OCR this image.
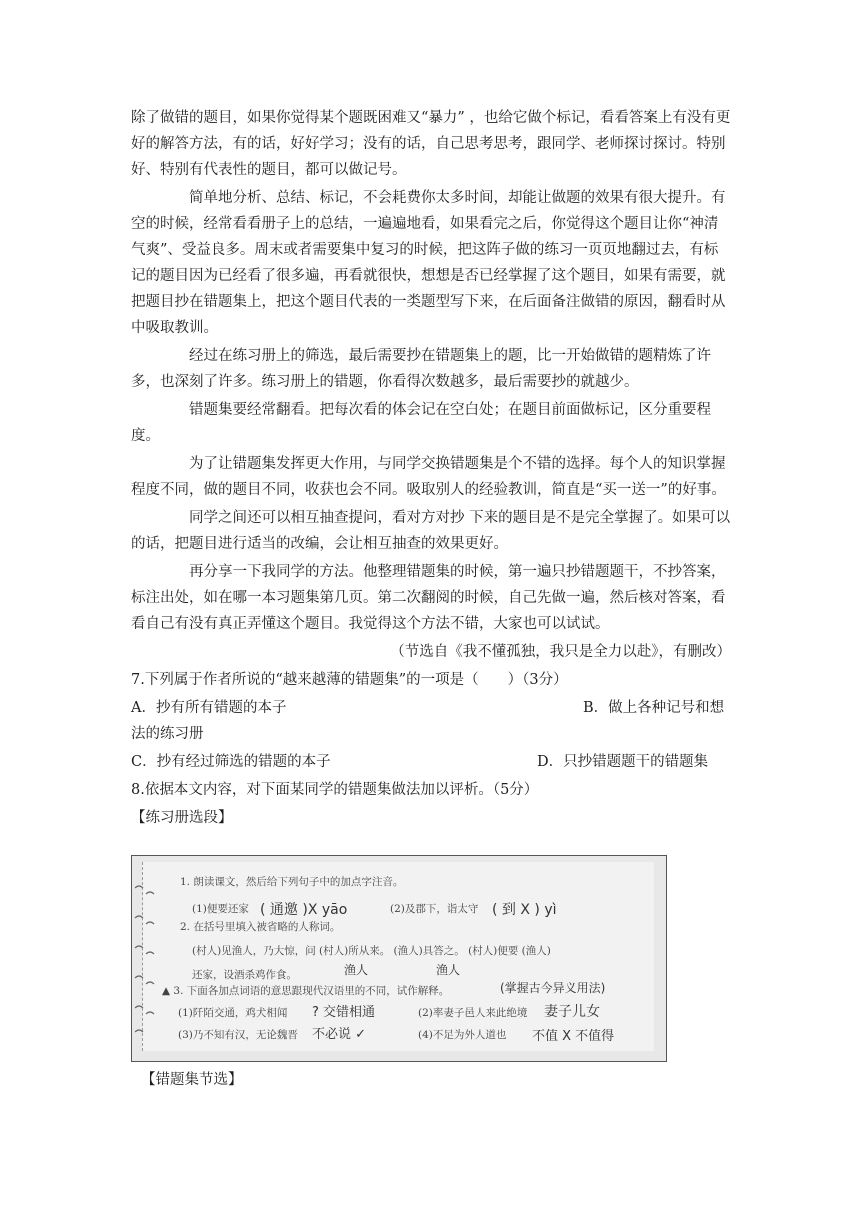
除了做错的题目，如果你觉得某个题既困难又“暴力” ，也给它做个标记，看看答案上有没有更好的解答方法，有的话，好好学习；没有的话，自己思考思考，跟同学、老师探讨探讨。特别好、特别有代表性的题目，都可以做记号。

简单地分析、总结、标记，不会耗费你太多时间，却能让做题的效果有很大提升。有空的时候，经常看看册子上的总结，一遍遍地看，如果看完之后，你觉得这个题目让你“神清气爽”、受益良多。周末或者需要集中复习的时候，把这阵子做的练习一页页地翻过去，有标记的题目因为已经看了很多遍，再看就很快，想想是否已经掌握了这个题目，如果有需要，就把题目抄在错题集上，把这个题目代表的一类题型写下来，在后面备注做错的原因，翻看时从中吸取教训。

经过在练习册上的筛选，最后需要抄在错题集上的题，比一开始做错的题精炼了许多，也深刻了许多。练习册上的错题，你看得次数越多，最后需要抄的就越少。

错题集要经常翻看。把每次看的体会记在空白处；在题目前面做标记，区分重要程度。

为了让错题集发挥更大作用，与同学交换错题集是个不错的选择。每个人的知识掌握程度不同，做的题目不同，收获也会不同。吸取别人的经验教训，简直是“买一送一”的好事。

同学之间还可以相互抽查提问，看对方对抄 下来的题目是不是完全掌握了。如果可以的话，把题目进行适当的改编，会让相互抽查的效果更好。

再分享一下我同学的方法。他整理错题集的时候，第一遍只抄错题题干，不抄答案，标注出处，如在哪一本习题集第几页。第二次翻阅的时候，自己先做一遍，然后核对答案，看看自己有没有真正弄懂这个题目。我觉得这个方法不错，大家也可以试试。

（节选自《我不懂孤独，我只是全力以赴》，有删改）

7.下列属于作者所说的“越来越薄的错题集”的一项是（　　）（3分）

A．抄有所有错题的本子	B．做上各种记号和想

法的练习册

C．抄有经过筛选的错题的本子	D．只抄错题题干的错题集

8.依据本文内容，对下面某同学的错题集做法加以评析。（5分）

【练习册选段】

1. 朗读课文，然后给下列句子中的加点字注音。
(1)便要还家 ( 通邀 )X yāo	(2)及郡下，诣太守 ( 到 X ) yì
2. 在括号里填入被省略的人称词。
(村人)见渔人，乃大惊，问 (村人)所从来。 (渔人)具答之。 (村人)便要 (渔人)
渔人	渔人
还家，设酒杀鸡作食。
▲ 3. 下面各加点词语的意思跟现代汉语里的不同，试作解释。	(掌握古今异义用法)
(1)阡陌交通，鸡犬相闻 ? 交错相通	(2)率妻子邑人来此绝境 妻子儿女
(3)乃不知有汉，无论魏晋 不必说 ✓	(4)不足为外人道也 不值 X 不值得
【错题集节选】
